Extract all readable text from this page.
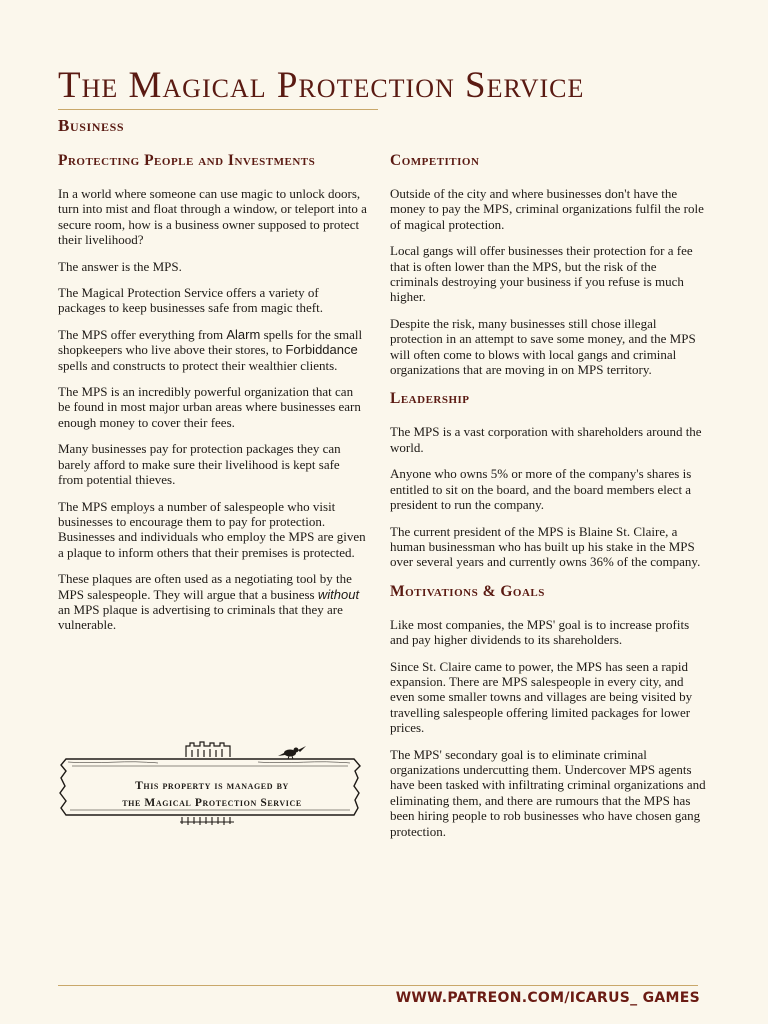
The Magical Protection Service
Business
Protecting People and Investments

In a world where someone can use magic to unlock doors, turn into mist and float through a window, or teleport into a secure room, how is a business owner supposed to protect their livelihood?

The answer is the MPS.

The Magical Protection Service offers a variety of packages to keep businesses safe from magic theft.

The MPS offer everything from Alarm spells for the small shopkeepers who live above their stores, to Forbiddance spells and constructs to protect their wealthier clients.

The MPS is an incredibly powerful organization that can be found in most major urban areas where businesses earn enough money to cover their fees.

Many businesses pay for protection packages they can barely afford to make sure their livelihood is kept safe from potential thieves.

The MPS employs a number of salespeople who visit businesses to encourage them to pay for protection. Businesses and individuals who employ the MPS are given a plaque to inform others that their premises is protected.

These plaques are often used as a negotiating tool by the MPS salespeople. They will argue that a business without an MPS plaque is advertising to criminals that they are vulnerable.

This property is managed by
the Magical Protection Service
Competition

Outside of the city and where businesses don't have the money to pay the MPS, criminal organizations fulfil the role of magical protection.

Local gangs will offer businesses their protection for a fee that is often lower than the MPS, but the risk of the criminals destroying your business if you refuse is much higher.

Despite the risk, many businesses still chose illegal protection in an attempt to save some money, and the MPS will often come to blows with local gangs and criminal organizations that are moving in on MPS territory.

Leadership

The MPS is a vast corporation with shareholders around the world.

Anyone who owns 5% or more of the company's shares is entitled to sit on the board, and the board members elect a president to run the company.

The current president of the MPS is Blaine St. Claire, a human businessman who has built up his stake in the MPS over several years and currently owns 36% of the company.

Motivations & Goals

Like most companies, the MPS' goal is to increase profits and pay higher dividends to its shareholders.

Since St. Claire came to power, the MPS has seen a rapid expansion. There are MPS salespeople in every city, and even some smaller towns and villages are being visited by travelling salespeople offering limited packages for lower prices.

The MPS' secondary goal is to eliminate criminal organizations undercutting them. Undercover MPS agents have been tasked with infiltrating criminal organizations and eliminating them, and there are rumours that the MPS has been hiring people to rob businesses who have chosen gang protection.

WWW.PATREON.COM/ICARUS_ GAMES
